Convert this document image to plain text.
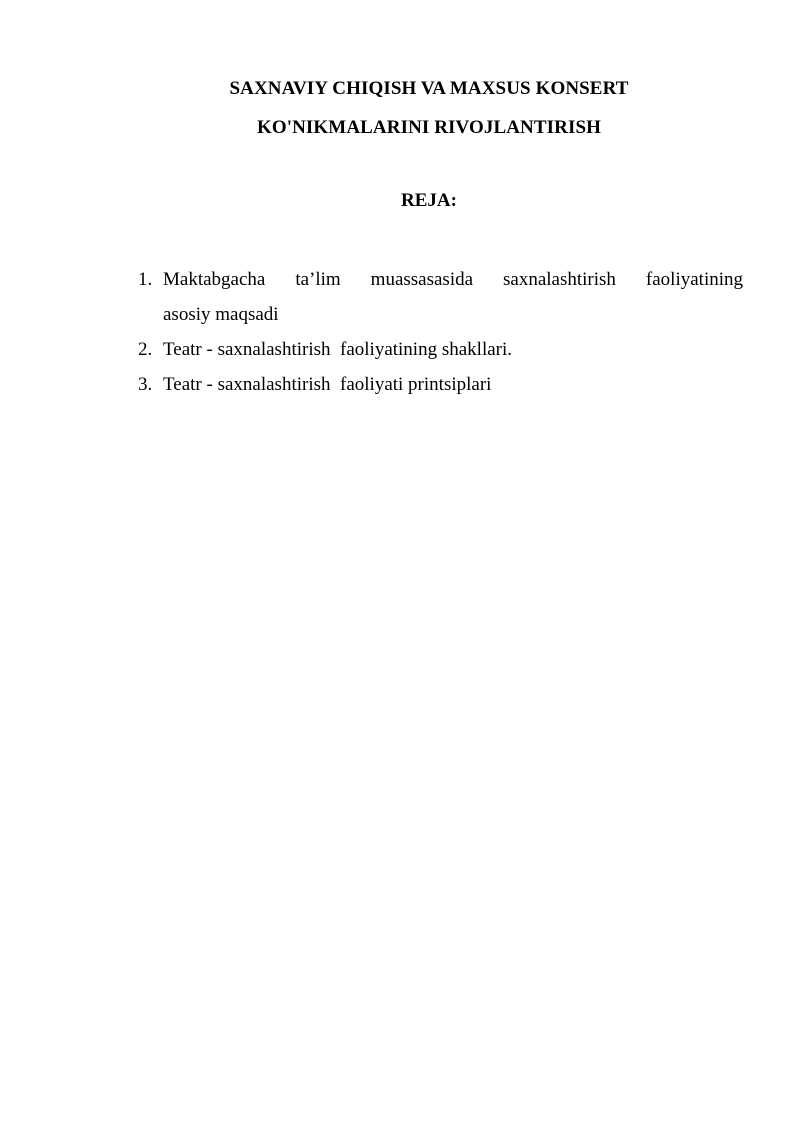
SAXNAVIY CHIQISH VA MAXSUS KONSERT
KO'NIKMALARINI RIVOJLANTIRISH
REJA:
1. Maktabgacha ta’lim muassasasida saxnalashtirish faoliyatining
asosiy maqsadi
2. Teatr - saxnalashtirish  faoliyatining shakllari.
3. Teatr - saxnalashtirish  faoliyati printsiplari
